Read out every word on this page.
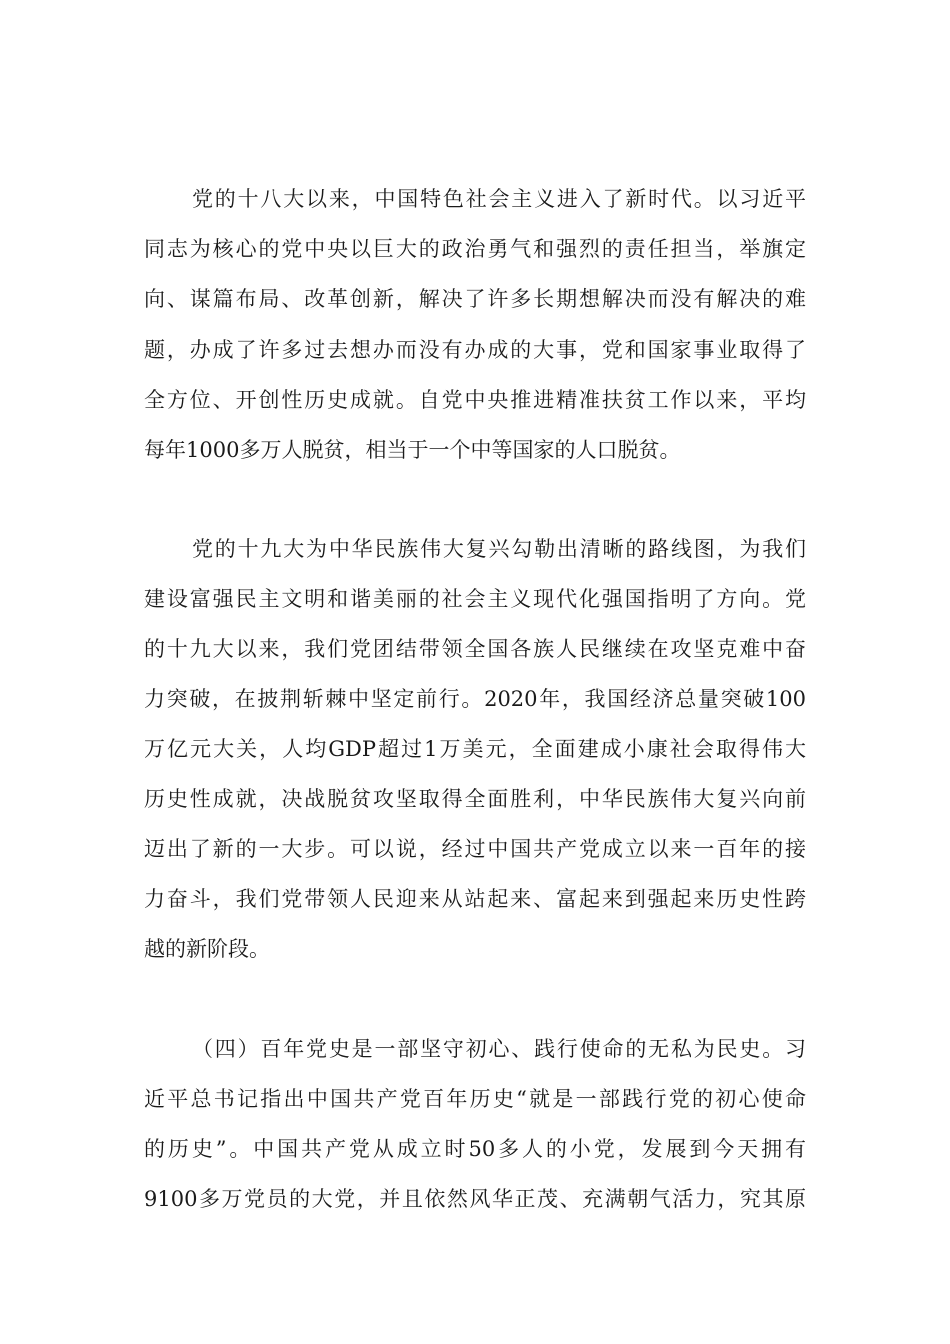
党的十八大以来，中国特色社会主义进入了新时代。以习近平
同志为核心的党中央以巨大的政治勇气和强烈的责任担当，举旗定
向、谋篇布局、改革创新，解决了许多长期想解决而没有解决的难
题，办成了许多过去想办而没有办成的大事，党和国家事业取得了
全方位、开创性历史成就。自党中央推进精准扶贫工作以来，平均
每年1000多万人脱贫，相当于一个中等国家的人口脱贫。
党的十九大为中华民族伟大复兴勾勒出清晰的路线图，为我们
建设富强民主文明和谐美丽的社会主义现代化强国指明了方向。党
的十九大以来，我们党团结带领全国各族人民继续在攻坚克难中奋
力突破，在披荆斩棘中坚定前行。2020年，我国经济总量突破100
万亿元大关，人均GDP超过1万美元，全面建成小康社会取得伟大
历史性成就，决战脱贫攻坚取得全面胜利，中华民族伟大复兴向前
迈出了新的一大步。可以说，经过中国共产党成立以来一百年的接
力奋斗，我们党带领人民迎来从站起来、富起来到强起来历史性跨
越的新阶段。
（四）百年党史是一部坚守初心、践行使命的无私为民史。习
近平总书记指出中国共产党百年历史“就是一部践行党的初心使命
的历史”。中国共产党从成立时50多人的小党，发展到今天拥有
9100多万党员的大党，并且依然风华正茂、充满朝气活力，究其原
